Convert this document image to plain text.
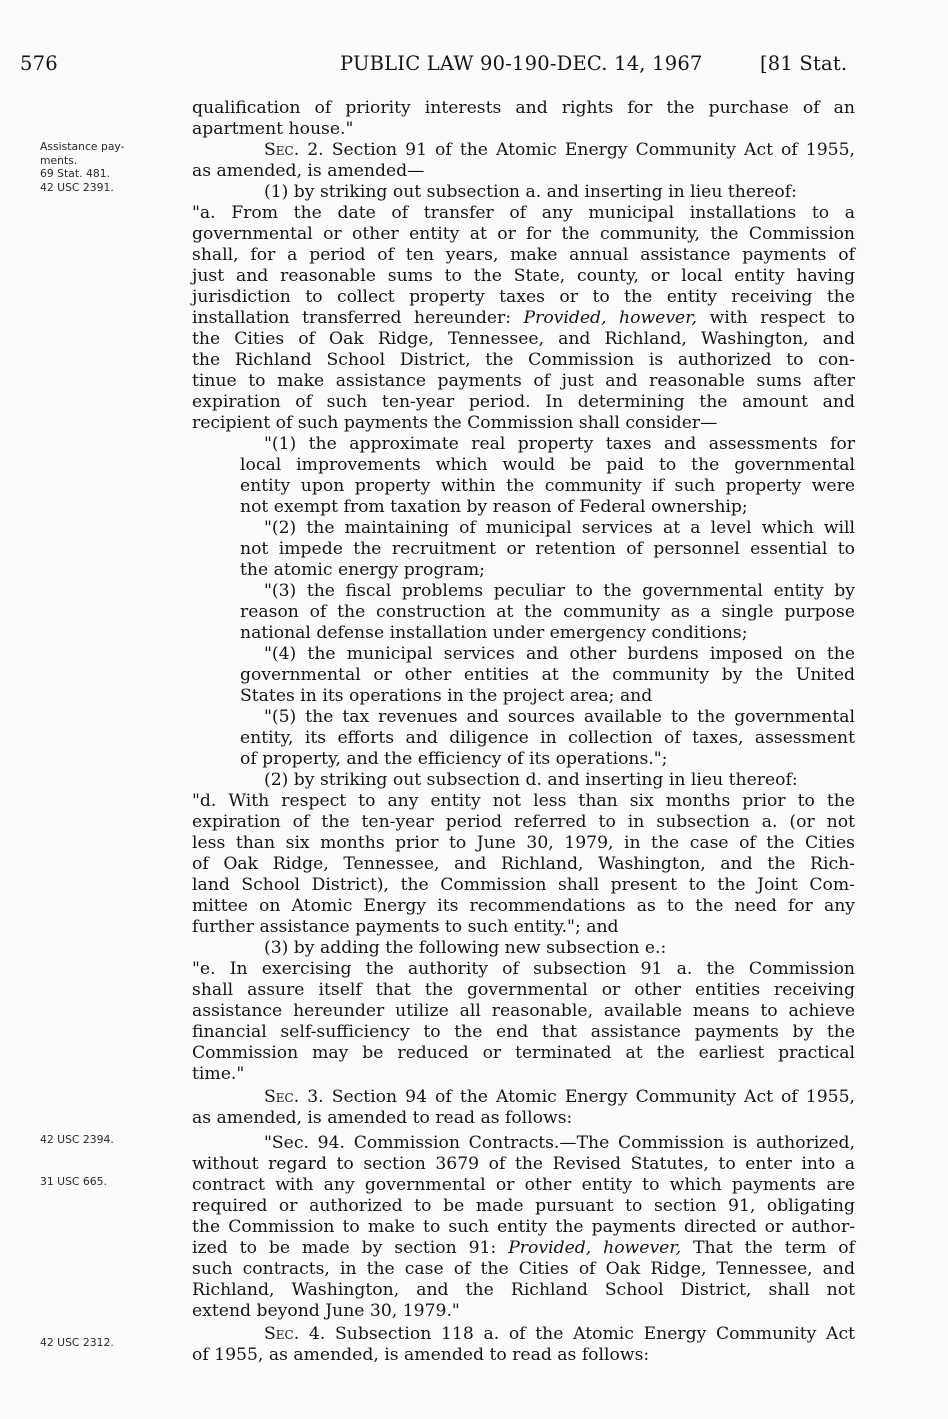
576	PUBLIC LAW 90-190-DEC. 14, 1967	[81 Stat.
Assistance pay-
ments.
69 Stat. 481.
42 USC 2391.
42 USC 2394.
31 USC 665.
42 USC 2312.
qualification of priority interests and rights for the purchase of an
apartment house."
Sec. 2. Section 91 of the Atomic Energy Community Act of 1955,
as amended, is amended—
(1) by striking out subsection a. and inserting in lieu thereof:
"a. From the date of transfer of any municipal installations to a
governmental or other entity at or for the community, the Commission
shall, for a period of ten years, make annual assistance payments of
just and reasonable sums to the State, county, or local entity having
jurisdiction to collect property taxes or to the entity receiving the
installation transferred hereunder: Provided, however, with respect to
the Cities of Oak Ridge, Tennessee, and Richland, Washington, and
the Richland School District, the Commission is authorized to con-
tinue to make assistance payments of just and reasonable sums after
expiration of such ten-year period. In determining the amount and
recipient of such payments the Commission shall consider—
"(1) the approximate real property taxes and assessments for
local improvements which would be paid to the governmental
entity upon property within the community if such property were
not exempt from taxation by reason of Federal ownership;
"(2) the maintaining of municipal services at a level which will
not impede the recruitment or retention of personnel essential to
the atomic energy program;
"(3) the fiscal problems peculiar to the governmental entity by
reason of the construction at the community as a single purpose
national defense installation under emergency conditions;
"(4) the municipal services and other burdens imposed on the
governmental or other entities at the community by the United
States in its operations in the project area; and
"(5) the tax revenues and sources available to the governmental
entity, its efforts and diligence in collection of taxes, assessment
of property, and the efficiency of its operations.";
(2) by striking out subsection d. and inserting in lieu thereof:
"d. With respect to any entity not less than six months prior to the
expiration of the ten-year period referred to in subsection a. (or not
less than six months prior to June 30, 1979, in the case of the Cities
of Oak Ridge, Tennessee, and Richland, Washington, and the Rich-
land School District), the Commission shall present to the Joint Com-
mittee on Atomic Energy its recommendations as to the need for any
further assistance payments to such entity."; and
(3) by adding the following new subsection e.:
"e. In exercising the authority of subsection 91 a. the Commission
shall assure itself that the governmental or other entities receiving
assistance hereunder utilize all reasonable, available means to achieve
financial self-sufficiency to the end that assistance payments by the
Commission may be reduced or terminated at the earliest practical
time."
Sec. 3. Section 94 of the Atomic Energy Community Act of 1955,
as amended, is amended to read as follows:
"Sec. 94. Commission Contracts.—The Commission is authorized,
without regard to section 3679 of the Revised Statutes, to enter into a
contract with any governmental or other entity to which payments are
required or authorized to be made pursuant to section 91, obligating
the Commission to make to such entity the payments directed or author-
ized to be made by section 91: Provided, however, That the term of
such contracts, in the case of the Cities of Oak Ridge, Tennessee, and
Richland, Washington, and the Richland School District, shall not
extend beyond June 30, 1979."
Sec. 4. Subsection 118 a. of the Atomic Energy Community Act
of 1955, as amended, is amended to read as follows:
